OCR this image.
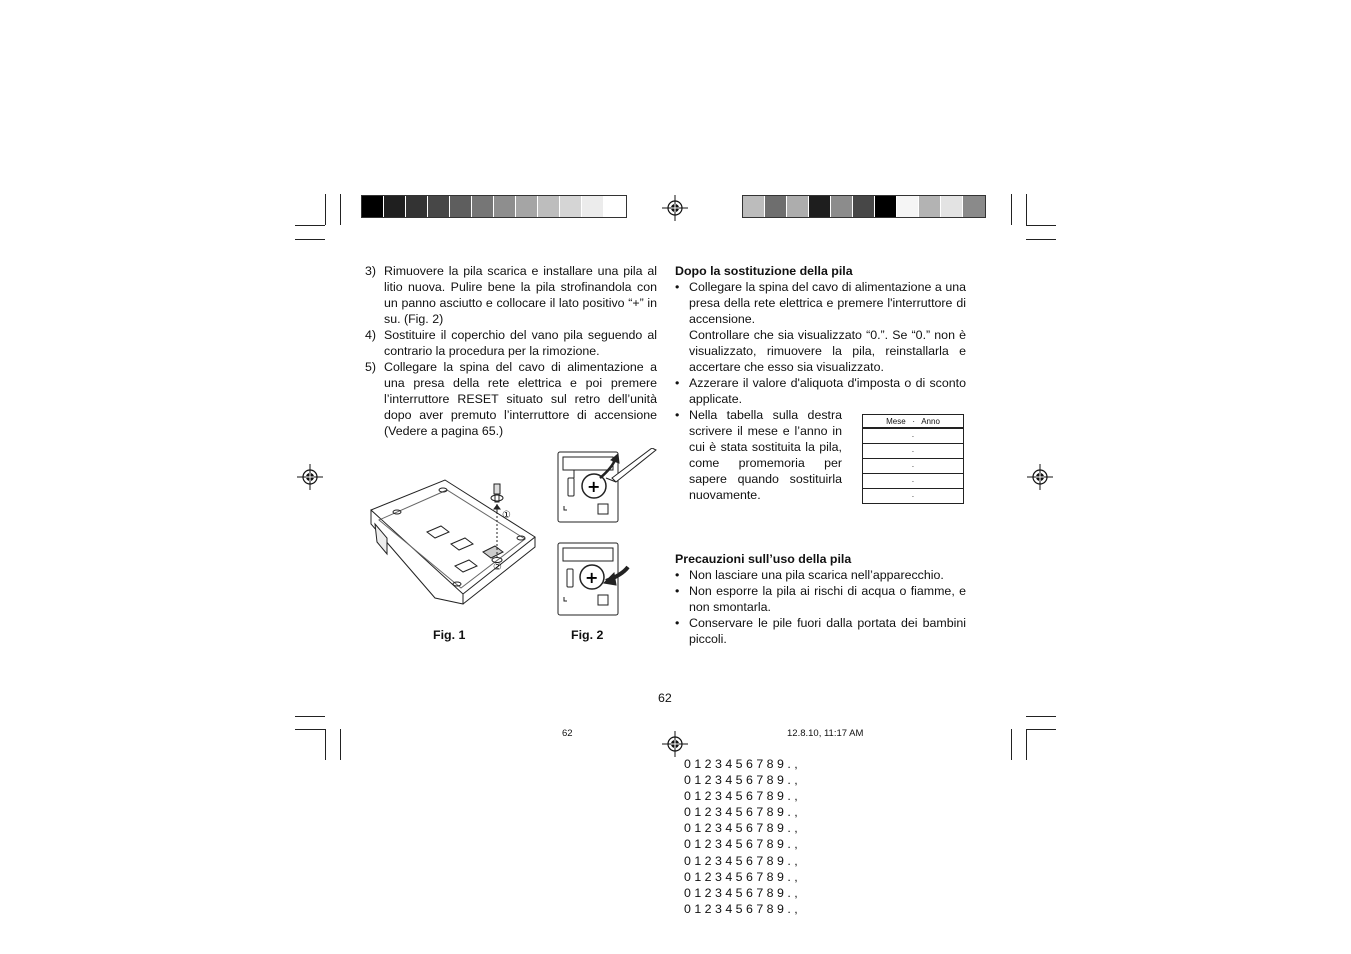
3) Rimuovere la pila scarica e installare una pila al litio nuova. Pulire bene la pila strofinandola con un panno asciutto e collocare il lato positivo “+” in su. (Fig. 2)
4) Sostituire il coperchio del vano pila seguendo al contrario la procedura per la rimozione.
5) Collegare la spina del cavo di alimentazione a una presa della rete elettrica e poi premere l’interruttore RESET situato sul retro dell’unità dopo aver premuto l’interruttore di accensione (Vedere a pagina 65.)
①
②
+
+
Fig. 1	Fig. 2
Dopo la sostituzione della pila
• Collegare la spina del cavo di alimentazione a una presa della rete elettrica e premere l'interruttore di accensione.
Controllare che sia visualizzato “0.”. Se “0.” non è visualizzato, rimuovere la pila, reinstallarla e accertare che esso sia visualizzato.
• Azzerare il valore d'aliquota d'imposta o di sconto applicate.
• Nella tabella sulla destra scrivere il mese e l’anno in cui è stata sostituita la pila, come promemoria per sapere quando sostituirla nuovamente.
Mese · Anno
·
·
·
·
·
Precauzioni sull’uso della pila
• Non lasciare una pila scarica nell’apparecchio.
• Non esporre la pila ai rischi di acqua o fiamme, e non smontarla.
• Conservare le pile fuori dalla portata dei bambini piccoli.
62
62	12.8.10, 11:17 AM
0 1 2 3 4 5 6 7 8 9 . ,
0 1 2 3 4 5 6 7 8 9 . ,
0 1 2 3 4 5 6 7 8 9 . ,
0 1 2 3 4 5 6 7 8 9 . ,
0 1 2 3 4 5 6 7 8 9 . ,
0 1 2 3 4 5 6 7 8 9 . ,
0 1 2 3 4 5 6 7 8 9 . ,
0 1 2 3 4 5 6 7 8 9 . ,
0 1 2 3 4 5 6 7 8 9 . ,
0 1 2 3 4 5 6 7 8 9 . ,
